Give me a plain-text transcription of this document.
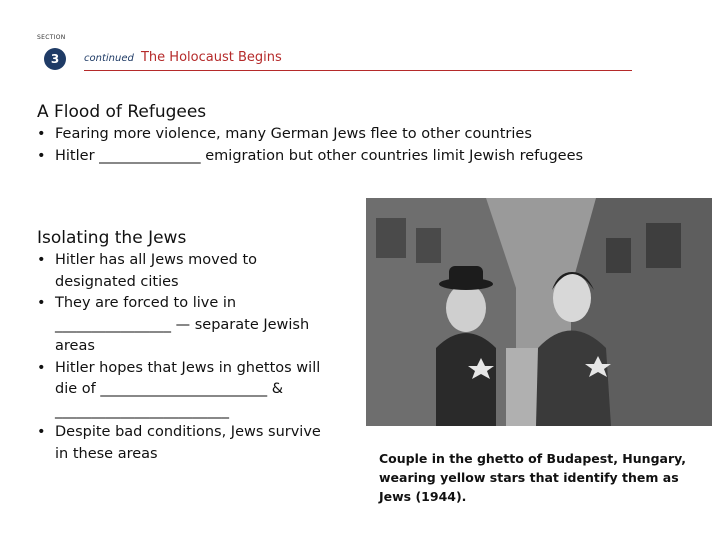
SECTION
3	continued The Holocaust Begins
A Flood of Refugees
• Fearing more violence, many German Jews flee to other countries
• Hitler ______________ emigration but other countries limit Jewish refugees
Isolating the Jews
• Hitler has all Jews moved to designated cities
• They are forced to live in ________________ — separate Jewish areas
• Hitler hopes that Jews in ghettos will die of _______________________ & ________________________
• Despite bad conditions, Jews survive in these areas	Couple in the ghetto of Budapest, Hungary, wearing yellow stars that identify them as Jews (1944).
